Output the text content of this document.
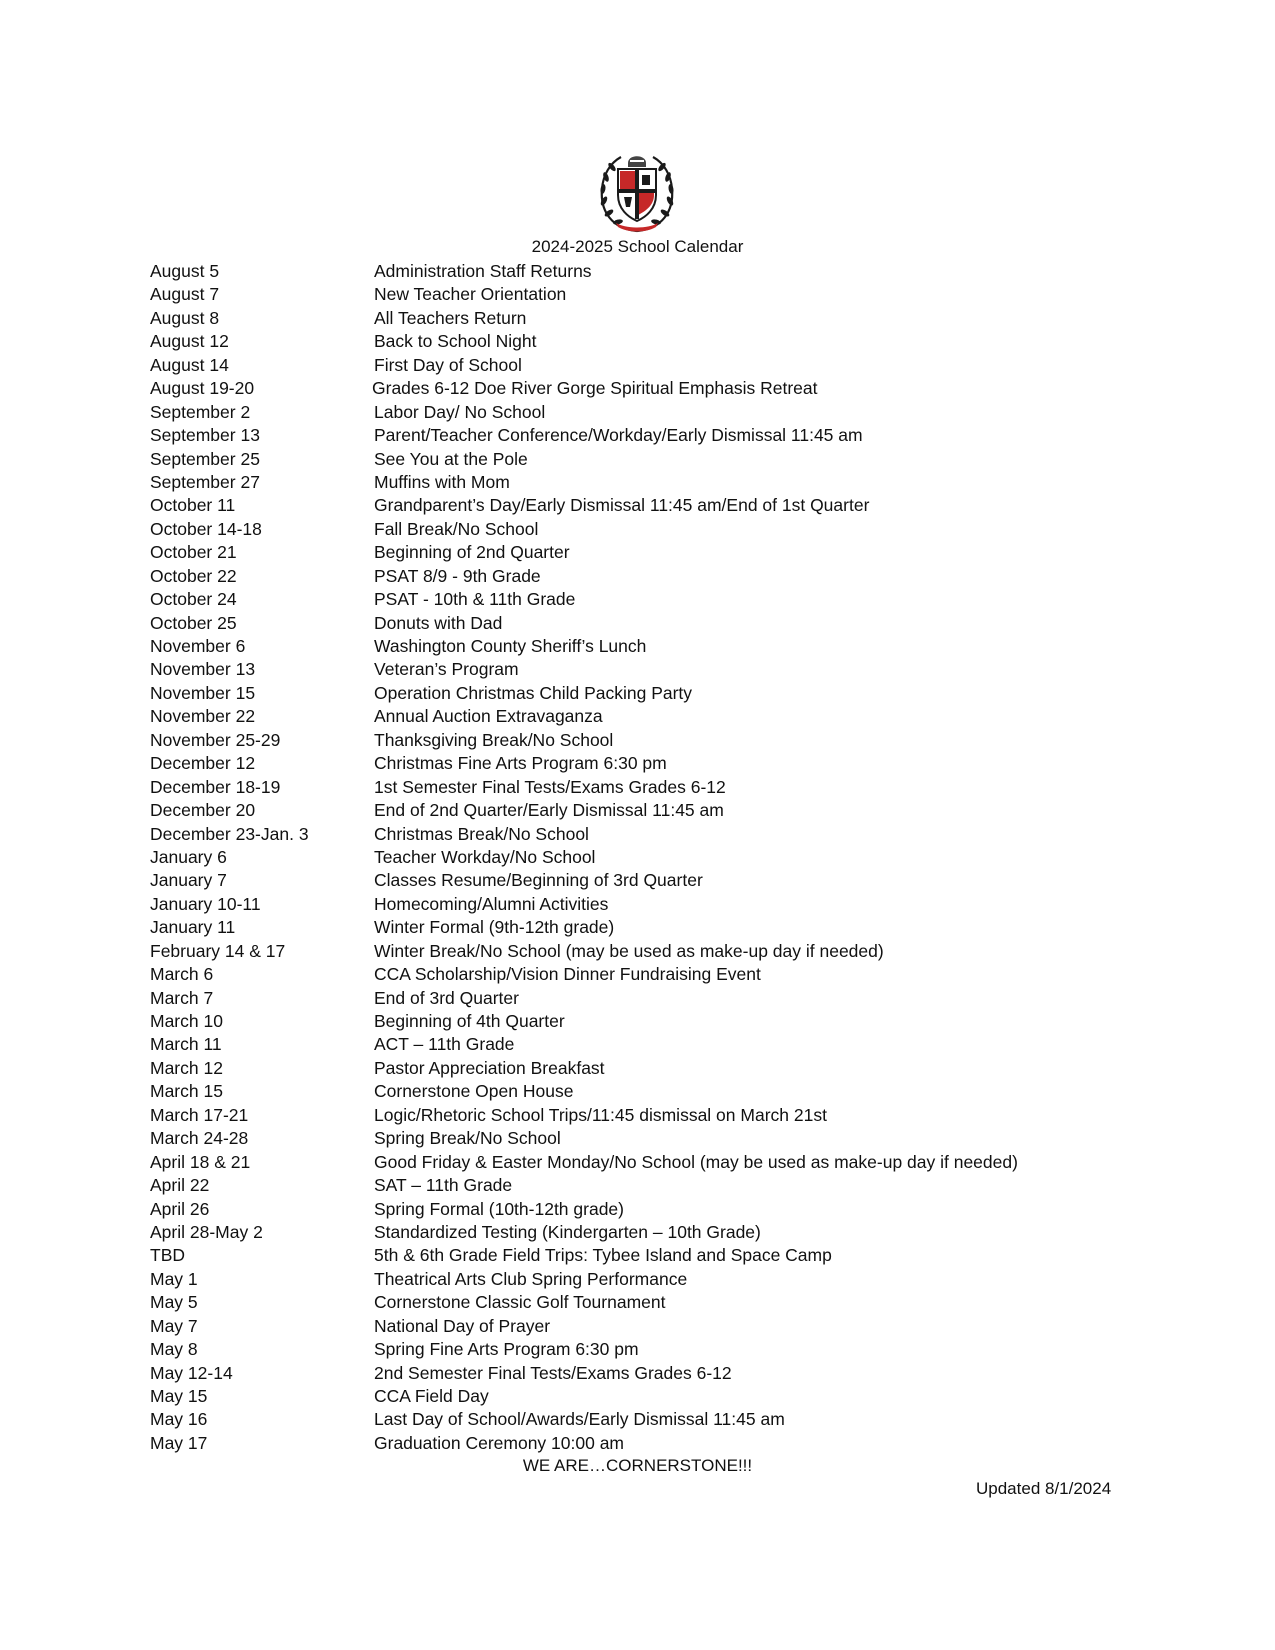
2024-2025 School Calendar
August 5	Administration Staff Returns
August 7	New Teacher Orientation
August 8	All Teachers Return
August 12	Back to School Night
August 14	First Day of School
August 19-20	Grades 6-12 Doe River Gorge Spiritual Emphasis Retreat
September 2	Labor Day/ No School
September 13	Parent/Teacher Conference/Workday/Early Dismissal 11:45 am
September 25	See You at the Pole
September 27	Muffins with Mom
October 11	Grandparent’s Day/Early Dismissal 11:45 am/End of 1st Quarter
October 14-18	Fall Break/No School
October 21	Beginning of 2nd Quarter
October 22	PSAT 8/9 - 9th Grade
October 24	PSAT - 10th & 11th Grade
October 25	Donuts with Dad
November 6	Washington County Sheriff’s Lunch
November 13	Veteran’s Program
November 15	Operation Christmas Child Packing Party
November 22	Annual Auction Extravaganza
November 25-29	Thanksgiving Break/No School
December 12	Christmas Fine Arts Program 6:30 pm
December 18-19	1st Semester Final Tests/Exams Grades 6-12
December 20	End of 2nd Quarter/Early Dismissal 11:45 am
December 23-Jan. 3	Christmas Break/No School
January 6	Teacher Workday/No School
January 7	Classes Resume/Beginning of 3rd Quarter
January 10-11	Homecoming/Alumni Activities
January 11	Winter Formal (9th-12th grade)
February 14 & 17	Winter Break/No School (may be used as make-up day if needed)
March 6	CCA Scholarship/Vision Dinner Fundraising Event
March 7	End of 3rd Quarter
March 10	Beginning of 4th Quarter
March 11	ACT – 11th Grade
March 12	Pastor Appreciation Breakfast
March 15	Cornerstone Open House
March 17-21	Logic/Rhetoric School Trips/11:45 dismissal on March 21st
March 24-28	Spring Break/No School
April 18 & 21	Good Friday & Easter Monday/No School (may be used as make-up day if needed)
April 22	SAT – 11th Grade
April 26	Spring Formal (10th-12th grade)
April 28-May 2	Standardized Testing (Kindergarten – 10th Grade)
TBD	5th & 6th Grade Field Trips: Tybee Island and Space Camp
May 1	Theatrical Arts Club Spring Performance
May 5	Cornerstone Classic Golf Tournament
May 7	National Day of Prayer
May 8	Spring Fine Arts Program 6:30 pm
May 12-14	2nd Semester Final Tests/Exams Grades 6-12
May 15	CCA Field Day
May 16	Last Day of School/Awards/Early Dismissal 11:45 am
May 17	Graduation Ceremony 10:00 am
WE ARE…CORNERSTONE!!!
Updated 8/1/2024
